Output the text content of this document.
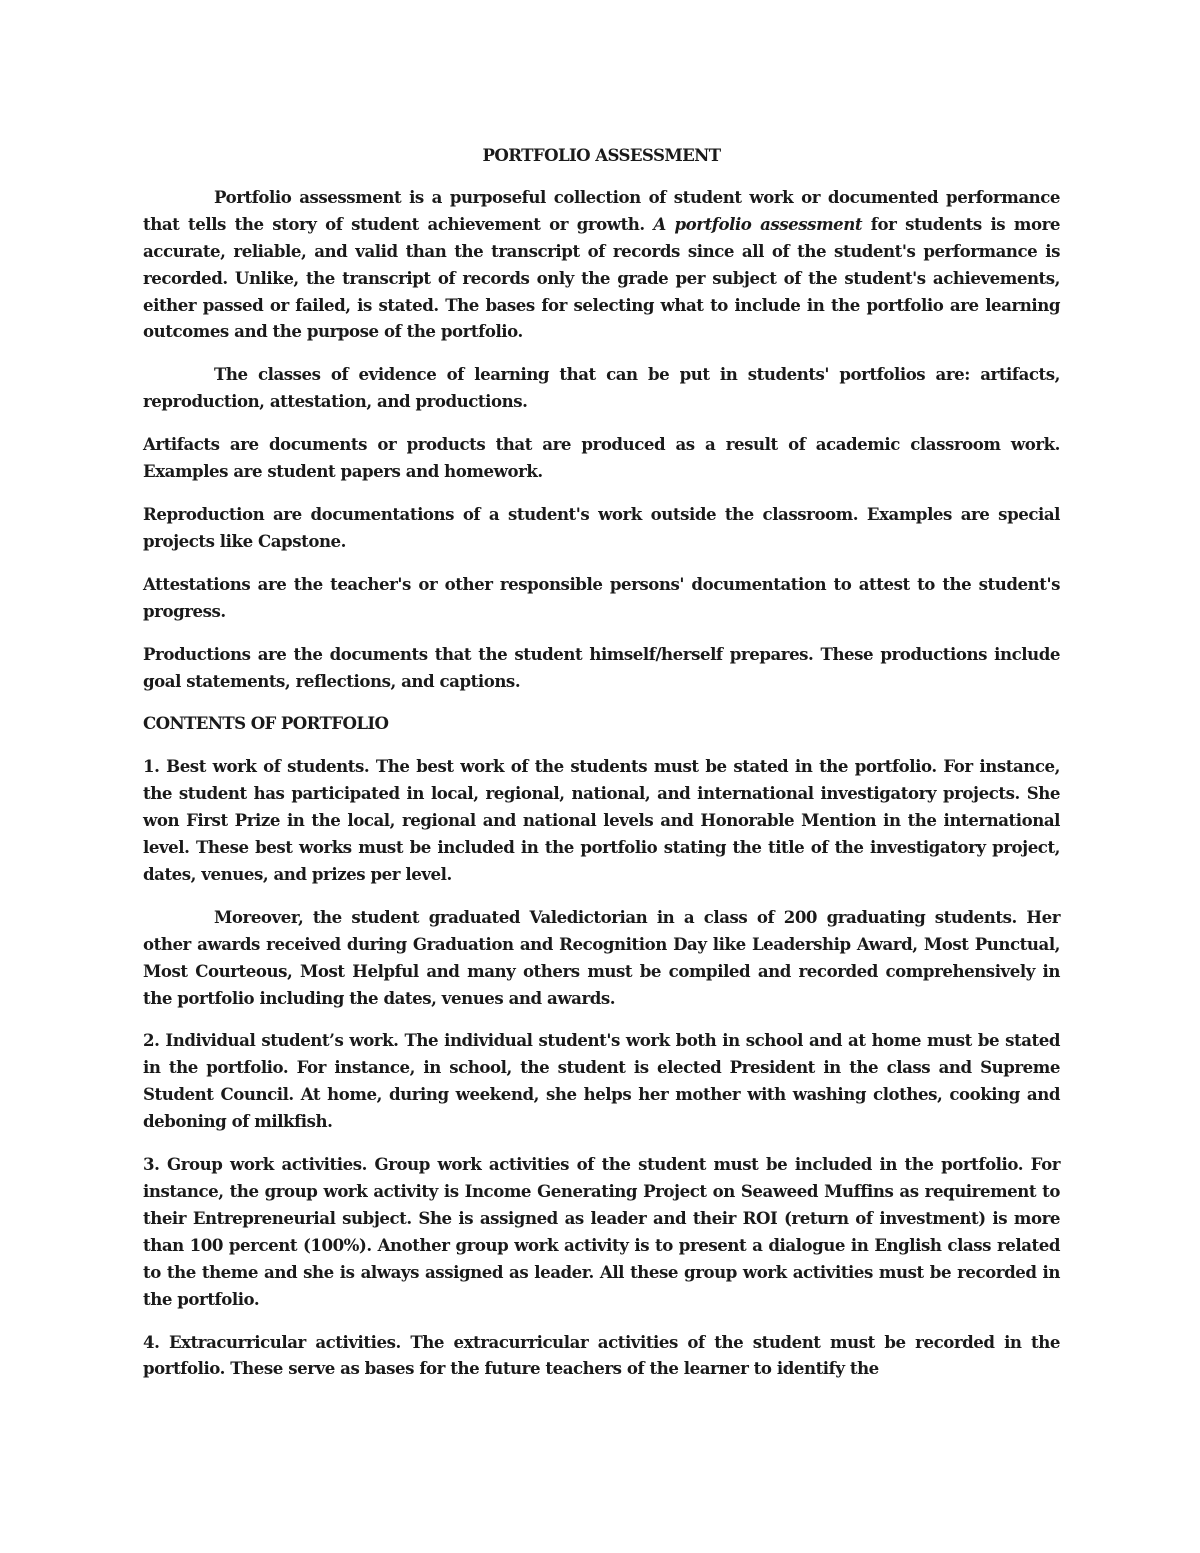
PORTFOLIO ASSESSMENT

Portfolio assessment is a purposeful collection of student work or documented performance that tells the story of student achievement or growth. A portfolio assessment for students is more accurate, reliable, and valid than the transcript of records since all of the student's performance is recorded. Unlike, the transcript of records only the grade per subject of the student's achievements, either passed or failed, is stated. The bases for selecting what to include in the portfolio are learning outcomes and the purpose of the portfolio.

The classes of evidence of learning that can be put in students' portfolios are: artifacts, reproduction, attestation, and productions.

Artifacts are documents or products that are produced as a result of academic classroom work. Examples are student papers and homework.

Reproduction are documentations of a student's work outside the classroom. Examples are special projects like Capstone.

Attestations are the teacher's or other responsible persons' documentation to attest to the student's progress.

Productions are the documents that the student himself/herself prepares. These productions include goal statements, reflections, and captions.

CONTENTS OF PORTFOLIO

1. Best work of students. The best work of the students must be stated in the portfolio. For instance, the student has participated in local, regional, national, and international investigatory projects. She won First Prize in the local, regional and national levels and Honorable Mention in the international level. These best works must be included in the portfolio stating the title of the investigatory project, dates, venues, and prizes per level.

Moreover, the student graduated Valedictorian in a class of 200 graduating students. Her other awards received during Graduation and Recognition Day like Leadership Award, Most Punctual, Most Courteous, Most Helpful and many others must be compiled and recorded comprehensively in the portfolio including the dates, venues and awards.

2. Individual student’s work. The individual student's work both in school and at home must be stated in the portfolio. For instance, in school, the student is elected President in the class and Supreme Student Council. At home, during weekend, she helps her mother with washing clothes, cooking and deboning of milkfish.

3. Group work activities. Group work activities of the student must be included in the portfolio. For instance, the group work activity is Income Generating Project on Seaweed Muffins as requirement to their Entrepreneurial subject. She is assigned as leader and their ROI (return of investment) is more than 100 percent (100%). Another group work activity is to present a dialogue in English class related to the theme and she is always assigned as leader. All these group work activities must be recorded in the portfolio.

4. Extracurricular activities. The extracurricular activities of the student must be recorded in the portfolio. These serve as bases for the future teachers of the learner to identify the
